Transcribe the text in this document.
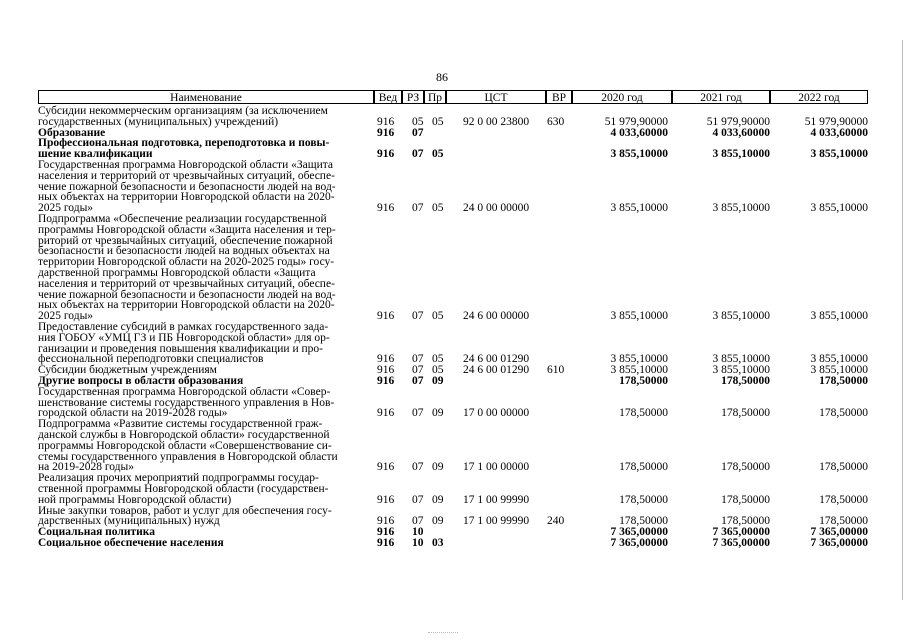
86
Наименование	Вед РЗ Пр	ЦСТ	ВР	2020 год	2021 год	2022 год
Субсидии некоммерческим организациям (за исключением
государственных (муниципальных) учреждений)	916 05 05 92 0 00 23800 630	51 979,90000	51 979,90000	51 979,90000
Образование	916 07	4 033,60000	4 033,60000	4 033,60000
Профессиональная подготовка, переподготовка и повы-
шение квалификации	916 07 05	3 855,10000	3 855,10000	3 855,10000
Государственная программа Новгородской области «Защита
населения и территорий от чрезвычайных ситуаций, обеспе-
чение пожарной безопасности и безопасности людей на вод-
ных объектах на территории Новгородской области на 2020-
2025 годы»	916 07 05 24 0 00 00000	3 855,10000	3 855,10000	3 855,10000
Подпрограмма «Обеспечение реализации государственной
программы Новгородской области «Защита населения и тер-
риторий от чрезвычайных ситуаций, обеспечение пожарной
безопасности и безопасности людей на водных объектах на
территории Новгородской области на 2020-2025 годы» госу-
дарственной программы Новгородской области «Защита
населения и территорий от чрезвычайных ситуаций, обеспе-
чение пожарной безопасности и безопасности людей на вод-
ных объектах на территории Новгородской области на 2020-
2025 годы»	916 07 05 24 6 00 00000	3 855,10000	3 855,10000	3 855,10000
Предоставление субсидий в рамках государственного зада-
ния ГОБОУ «УМЦ ГЗ и ПБ Новгородской области» для ор-
ганизации и проведения повышения квалификации и про-
фессиональной переподготовки специалистов	916 07 05 24 6 00 01290	3 855,10000	3 855,10000	3 855,10000
Субсидии бюджетным учреждениям	916 07 05 24 6 00 01290 610	3 855,10000	3 855,10000	3 855,10000
Другие вопросы в области образования	916 07 09	178,50000	178,50000	178,50000
Государственная программа Новгородской области «Совер-
шенствование системы государственного управления в Нов-
городской области на 2019-2028 годы»	916 07 09 17 0 00 00000	178,50000	178,50000	178,50000
Подпрограмма «Развитие системы государственной граж-
данской службы в Новгородской области» государственной
программы Новгородской области «Совершенствование си-
стемы государственного управления в Новгородской области
на 2019-2028 годы»	916 07 09 17 1 00 00000	178,50000	178,50000	178,50000
Реализация прочих мероприятий подпрограммы государ-
ственной программы Новгородской области (государствен-
ной программы Новгородской области)	916 07 09 17 1 00 99990	178,50000	178,50000	178,50000
Иные закупки товаров, работ и услуг для обеспечения госу-
дарственных (муниципальных) нужд	916 07 09 17 1 00 99990 240	178,50000	178,50000	178,50000
Социальная политика	916 10	7 365,00000	7 365,00000	7 365,00000
Социальное обеспечение населения	916 10 03	7 365,00000	7 365,00000	7 365,00000
